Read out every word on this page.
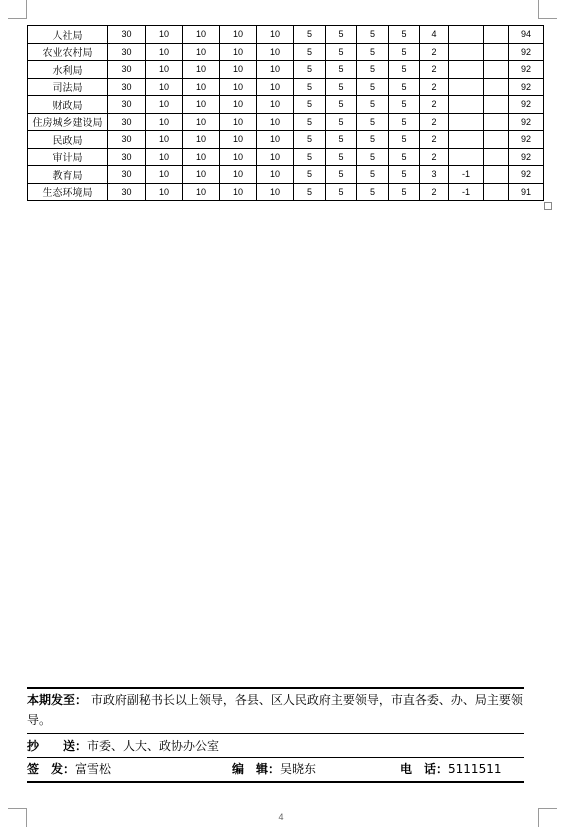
人社局	30	10	10	10	10	5	5	5	5	4			94
农业农村局	30	10	10	10	10	5	5	5	5	2			92
水利局	30	10	10	10	10	5	5	5	5	2			92
司法局	30	10	10	10	10	5	5	5	5	2			92
财政局	30	10	10	10	10	5	5	5	5	2			92
住房城乡建设局	30	10	10	10	10	5	5	5	5	2			92
民政局	30	10	10	10	10	5	5	5	5	2			92
审计局	30	10	10	10	10	5	5	5	5	2			92
教育局	30	10	10	10	10	5	5	5	5	3	-1		92
生态环境局	30	10	10	10	10	5	5	5	5	2	-1		91
本期发至： 市政府副秘书长以上领导，各县、区人民政府主要领导，市直各委、办、局主要领导。
抄　　送：市委、人大、政协办公室
签　发：富雪松	编　辑：吴晓东	电　话：5111511
4
